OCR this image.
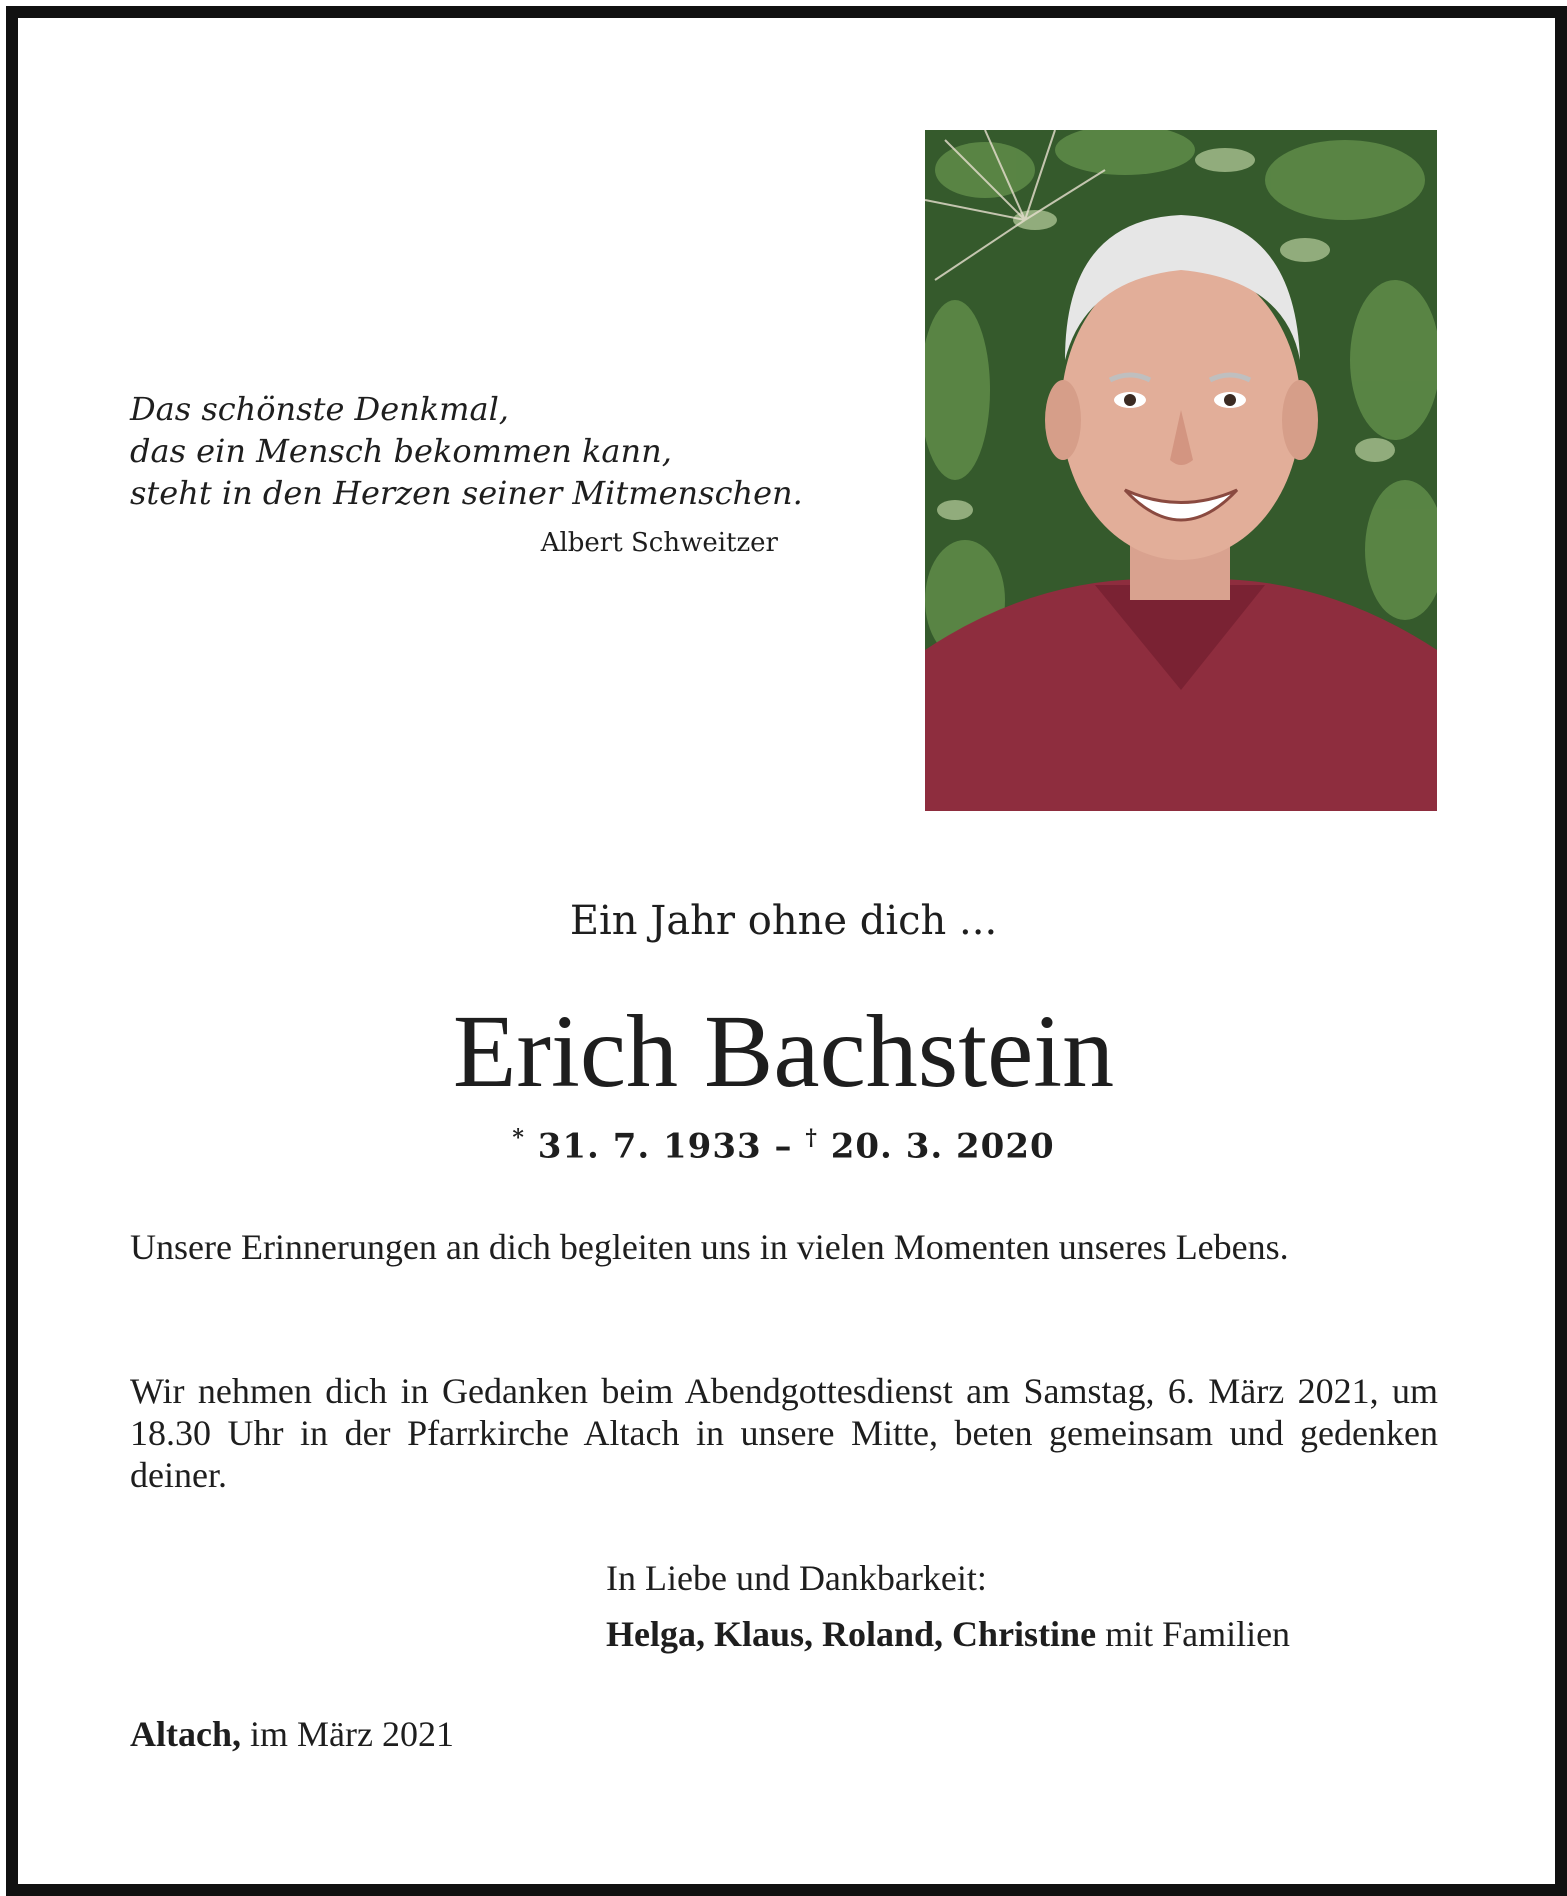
Das schönste Denkmal,
das ein Mensch bekommen kann,
steht in den Herzen seiner Mitmenschen.
Albert Schweitzer
Ein Jahr ohne dich ...
Erich Bachstein
* 31. 7. 1933 – † 20. 3. 2020
Unsere Erinnerungen an dich begleiten uns in vielen Momenten unseres Lebens.
Wir nehmen dich in Gedanken beim Abendgottesdienst am Samstag, 6. März 2021, um 18.30 Uhr in der Pfarrkirche Altach in unsere Mitte, beten gemeinsam und gedenken deiner.
In Liebe und Dankbarkeit:
Helga, Klaus, Roland, Christine mit Familien
Altach, im März 2021
